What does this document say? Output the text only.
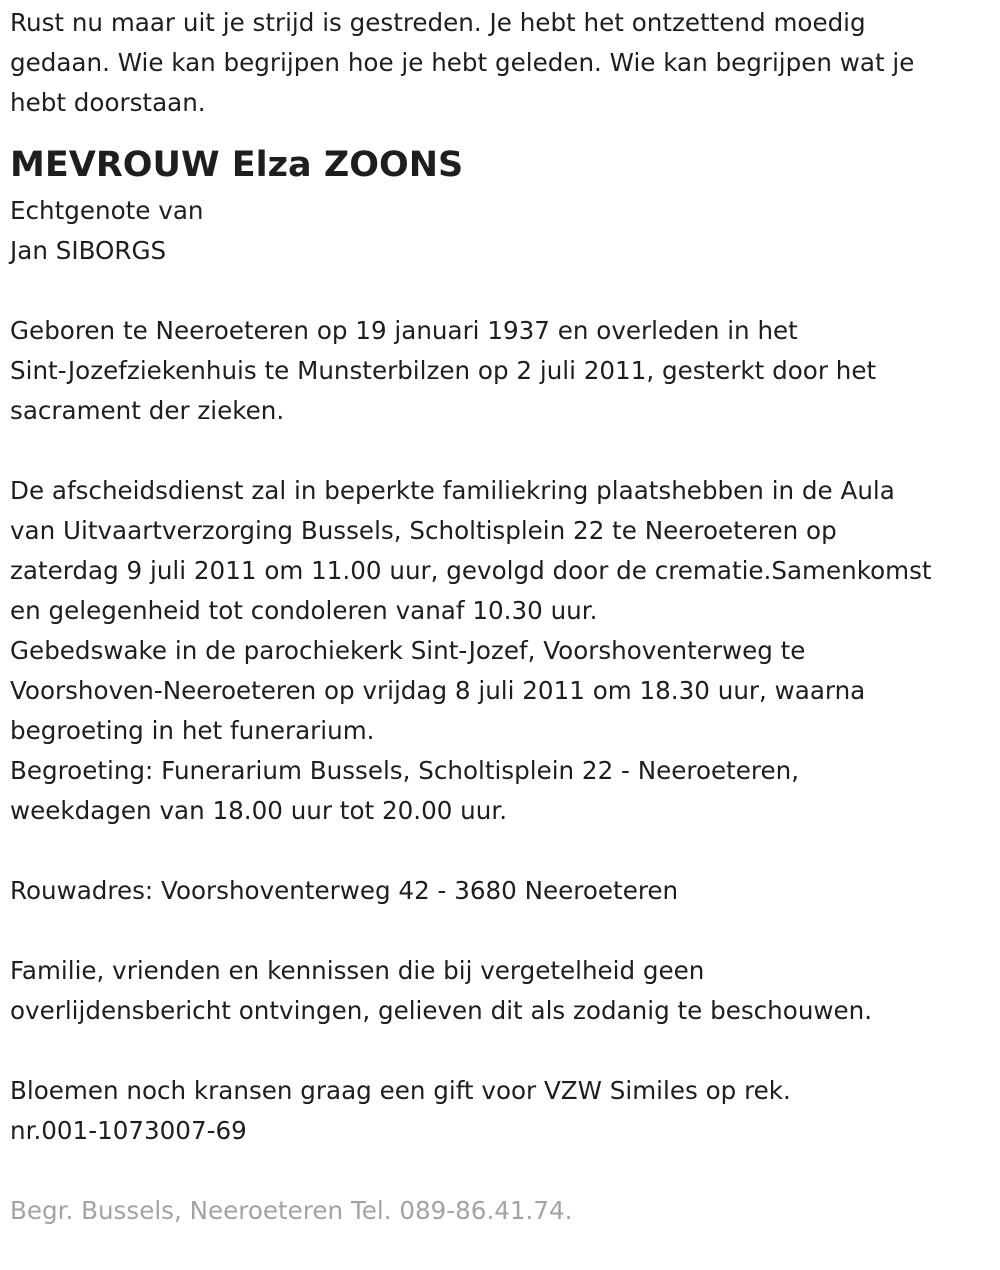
Rust nu maar uit je strijd is gestreden. Je hebt het ontzettend moedig

gedaan. Wie kan begrijpen hoe je hebt geleden. Wie kan begrijpen wat je

hebt doorstaan.

MEVROUW Elza ZOONS

Echtgenote van

Jan SIBORGS

Geboren te Neeroeteren op 19 januari 1937 en overleden in het

Sint-Jozefziekenhuis te Munsterbilzen op 2 juli 2011, gesterkt door het

sacrament der zieken.

De afscheidsdienst zal in beperkte familiekring plaatshebben in de Aula

van Uitvaartverzorging Bussels, Scholtisplein 22 te Neeroeteren op

zaterdag 9 juli 2011 om 11.00 uur, gevolgd door de crematie.Samenkomst

en gelegenheid tot condoleren vanaf 10.30 uur.

Gebedswake in de parochiekerk Sint-Jozef, Voorshoventerweg te

Voorshoven-Neeroeteren op vrijdag 8 juli 2011 om 18.30 uur, waarna

begroeting in het funerarium.

Begroeting: Funerarium Bussels, Scholtisplein 22 - Neeroeteren,

weekdagen van 18.00 uur tot 20.00 uur.

Rouwadres: Voorshoventerweg 42 - 3680 Neeroeteren

Familie, vrienden en kennissen die bij vergetelheid geen

overlijdensbericht ontvingen, gelieven dit als zodanig te beschouwen.

Bloemen noch kransen graag een gift voor VZW Similes op rek.

nr.001-1073007-69

Begr. Bussels, Neeroeteren Tel. 089-86.41.74.
